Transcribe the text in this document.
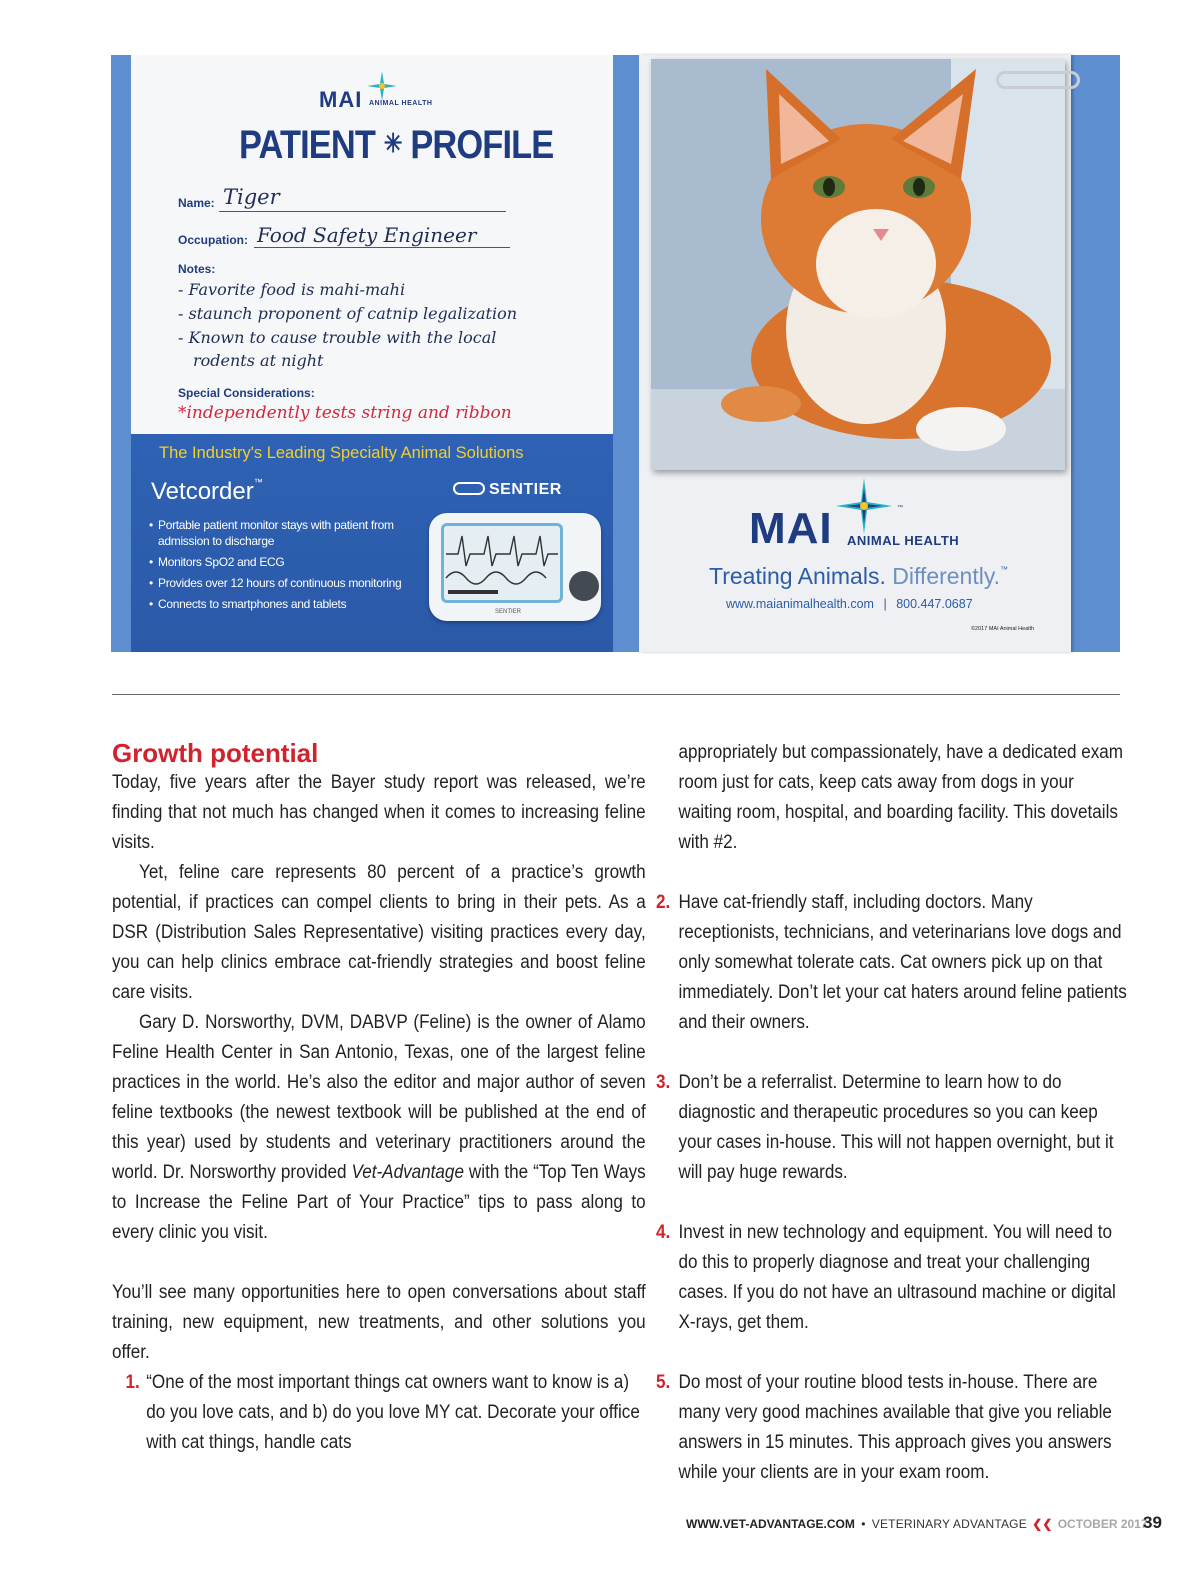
MAI ANIMAL HEALTH
PATIENT ✳ PROFILE
Name: Tiger
Occupation: Food Safety Engineer
Notes:
- Favorite food is mahi-mahi
- staunch proponent of catnip legalization
- Known to cause trouble with the local
rodents at night
Special Considerations:
*independently tests string and ribbon
The Industry's Leading Specialty Animal Solutions
Vetcorder™	SENTIER
• Portable patient monitor stays with patient from admission to discharge
• Monitors SpO2 and ECG
• Provides over 12 hours of continuous monitoring
• Connects to smartphones and tablets
SENTIER
MAI ANIMAL HEALTH
™
Treating Animals. Differently.™
www.maianimalhealth.com | 800.447.0687
©2017 MAI Animal Health
Growth potential

Today, five years after the Bayer study report was released, we’re finding that not much has changed when it comes to increasing feline visits.

Yet, feline care represents 80 percent of a practice’s growth potential, if practices can compel clients to bring in their pets. As a DSR (Distribution Sales Representative) visiting practices every day, you can help clinics embrace cat-friendly strategies and boost feline care visits.

Gary D. Norsworthy, DVM, DABVP (Feline) is the owner of Alamo Feline Health Center in San Antonio, Texas, one of the largest feline practices in the world. He’s also the editor and major author of seven feline textbooks (the newest textbook will be published at the end of this year) used by students and veterinary practitioners around the world. Dr. Norsworthy provided Vet-Advantage with the “Top Ten Ways to Increase the Feline Part of Your Practice” tips to pass along to every clinic you visit.

You’ll see many opportunities here to open conversations about staff training, new equipment, new treatments, and other solutions you offer.

1. “One of the most important things cat owners want to know is a) do you love cats, and b) do you love MY cat. Decorate your office with cat things, handle cats

appropriately but compassionately, have a dedicated exam room just for cats, keep cats away from dogs in your waiting room, hospital, and boarding facility. This dovetails with #2.

2. Have cat-friendly staff, including doctors. Many receptionists, technicians, and veterinarians love dogs and only somewhat tolerate cats. Cat owners pick up on that immediately. Don’t let your cat haters around feline patients and their owners.

3. Don’t be a referralist. Determine to learn how to do diagnostic and therapeutic procedures so you can keep your cases in-house. This will not happen overnight, but it will pay huge rewards.

4. Invest in new technology and equipment. You will need to do this to properly diagnose and treat your challenging cases. If you do not have an ultrasound machine or digital X-rays, get them.

5. Do most of your routine blood tests in-house. There are many very good machines available that give you reliable answers in 15 minutes. This approach gives you answers while your clients are in your exam room.

WWW.VET-ADVANTAGE.COM • VETERINARY ADVANTAGE ❮❮ OCTOBER 2017
39
